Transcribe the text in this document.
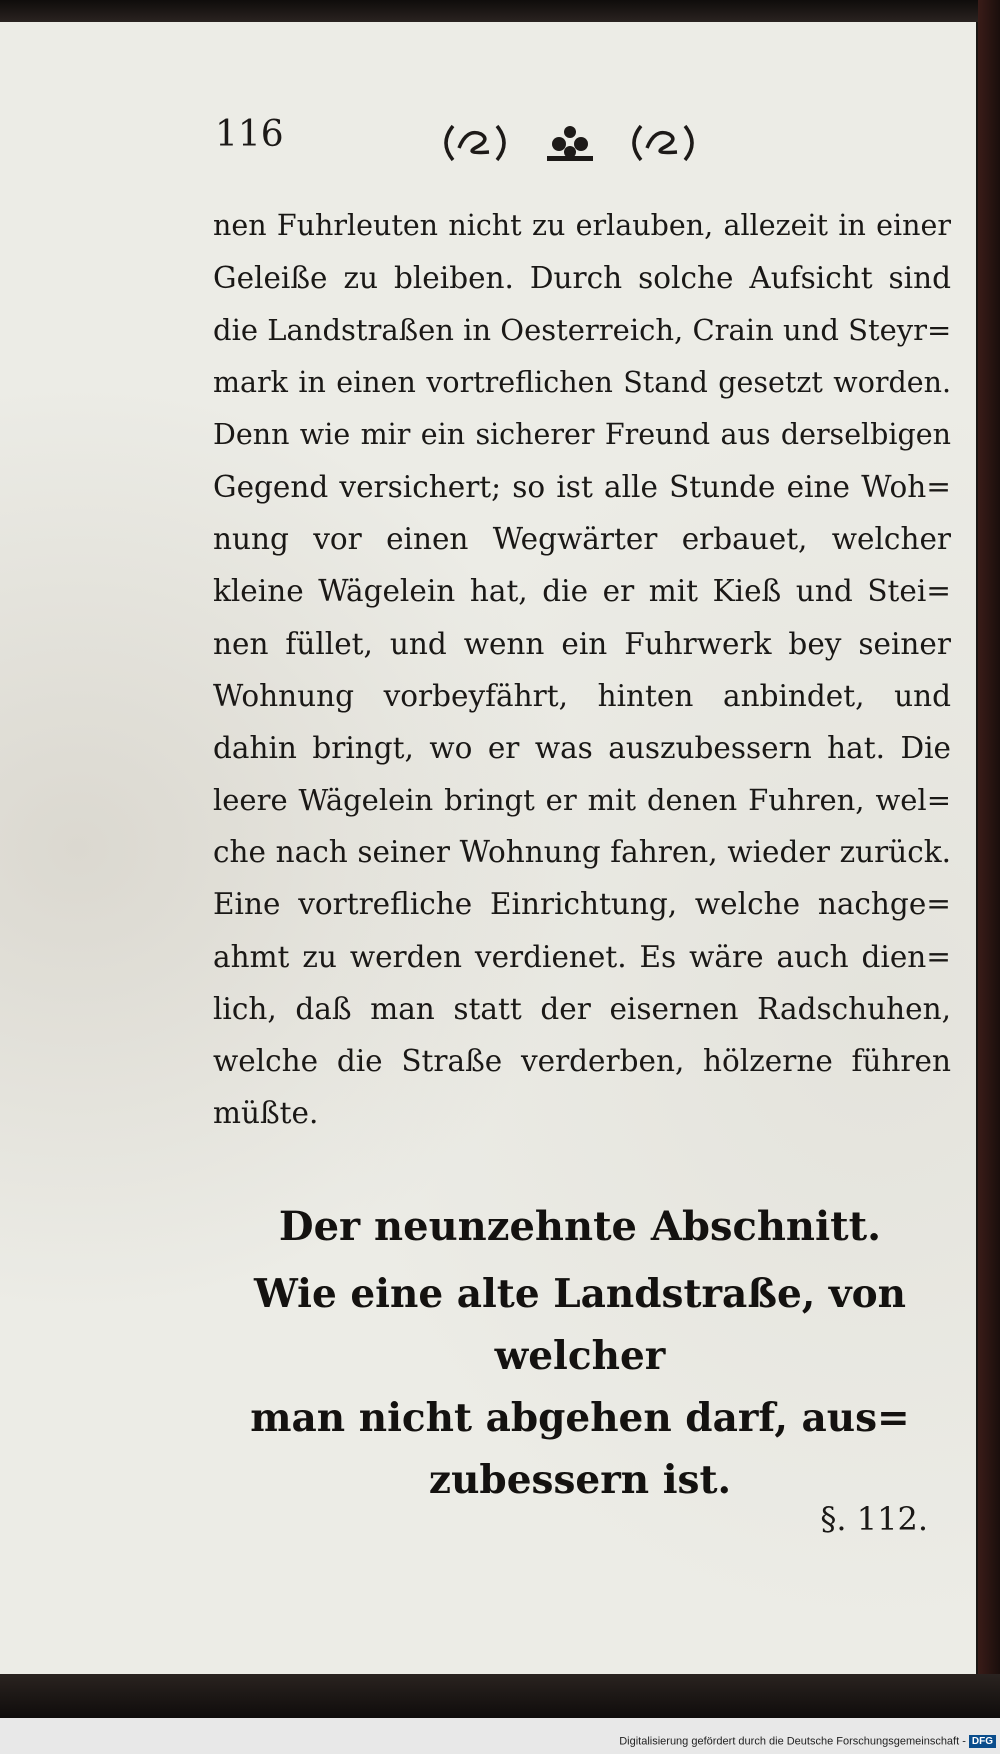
Digitalisierung gefördert durch die Deutsche Forschungsgemeinschaft - DFG
116
nen Fuhrleuten nicht zu erlauben, allezeit in einer
Geleiße zu bleiben. Durch solche Aufsicht sind
die Landstraßen in Oesterreich, Crain und Steyr=
mark in einen vortreflichen Stand gesetzt worden.
Denn wie mir ein sicherer Freund aus derselbigen
Gegend versichert; so ist alle Stunde eine Woh=
nung vor einen Wegwärter erbauet, welcher
kleine Wägelein hat, die er mit Kieß und Stei=
nen füllet, und wenn ein Fuhrwerk bey seiner
Wohnung vorbeyfährt, hinten anbindet, und
dahin bringt, wo er was auszubessern hat. Die
leere Wägelein bringt er mit denen Fuhren, wel=
che nach seiner Wohnung fahren, wieder zurück.
Eine vortrefliche Einrichtung, welche nachge=
ahmt zu werden verdienet. Es wäre auch dien=
lich, daß man statt der eisernen Radschuhen,
welche die Straße verderben, hölzerne führen
müßte.
Der neunzehnte Abschnitt.
Wie eine alte Landstraße, von welcher
man nicht abgehen darf, aus=
zubessern ist.
§. 112.
